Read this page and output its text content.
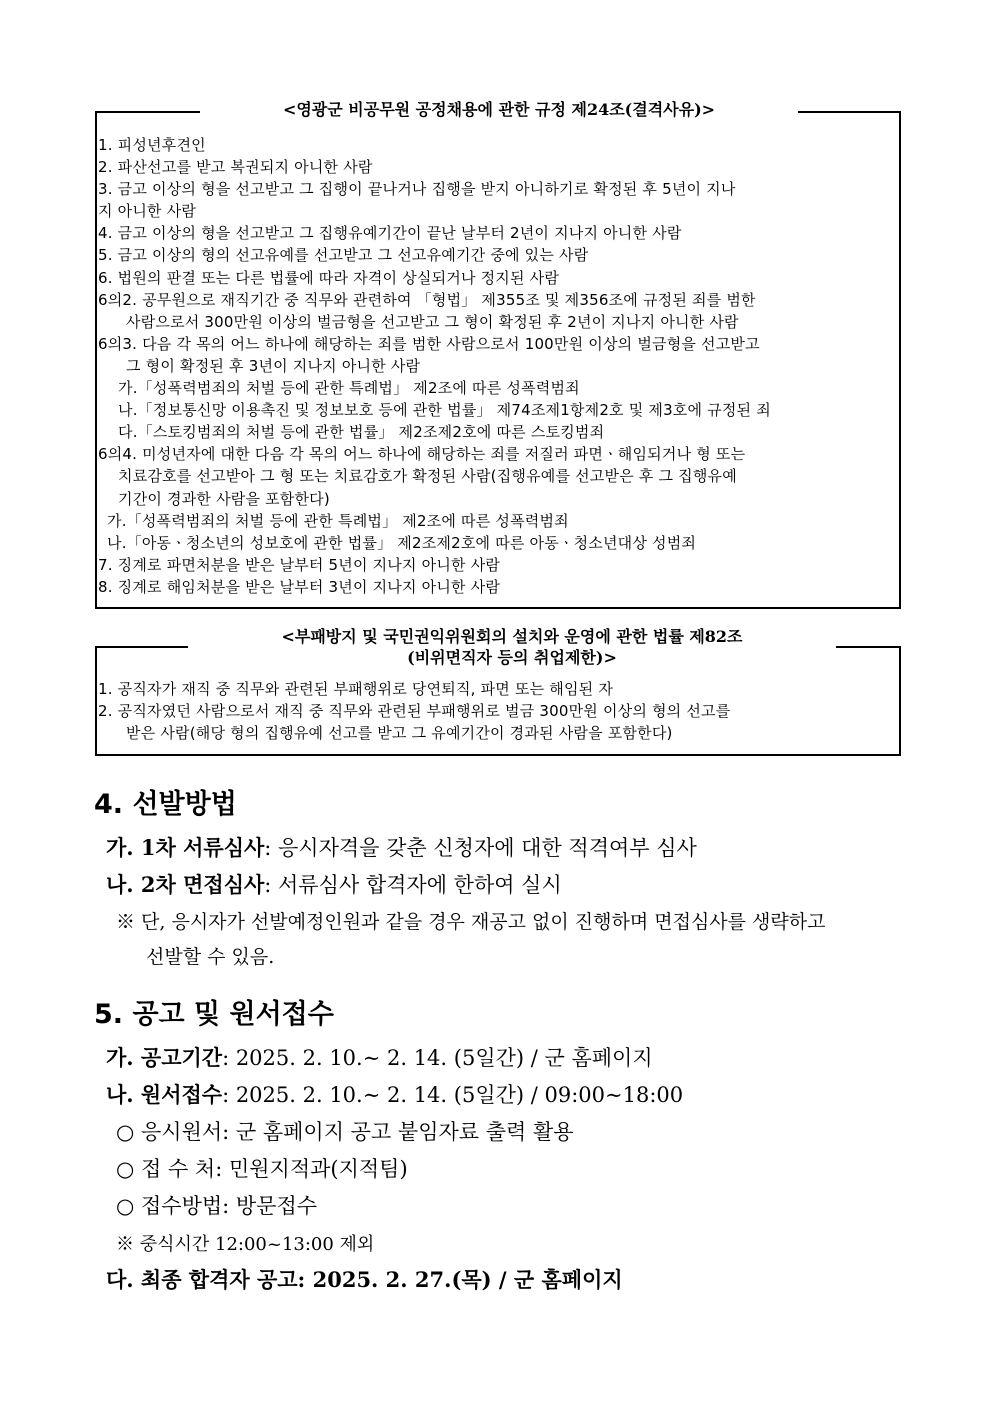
<영광군 비공무원 공정채용에 관한 규정 제24조(결격사유)>
1. 피성년후견인
2. 파산선고를 받고 복권되지 아니한 사람
3. 금고 이상의 형을 선고받고 그 집행이 끝나거나 집행을 받지 아니하기로 확정된 후 5년이 지나
지 아니한 사람
4. 금고 이상의 형을 선고받고 그 집행유예기간이 끝난 날부터 2년이 지나지 아니한 사람
5. 금고 이상의 형의 선고유예를 선고받고 그 선고유예기간 중에 있는 사람
6. 법원의 판결 또는 다른 법률에 따라 자격이 상실되거나 정지된 사람
6의2. 공무원으로 재직기간 중 직무와 관련하여 「형법」 제355조 및 제356조에 규정된 죄를 범한
사람으로서 300만원 이상의 벌금형을 선고받고 그 형이 확정된 후 2년이 지나지 아니한 사람
6의3. 다음 각 목의 어느 하나에 해당하는 죄를 범한 사람으로서 100만원 이상의 벌금형을 선고받고
그 형이 확정된 후 3년이 지나지 아니한 사람
가.「성폭력범죄의 처벌 등에 관한 특례법」 제2조에 따른 성폭력범죄
나.「정보통신망 이용촉진 및 정보보호 등에 관한 법률」 제74조제1항제2호 및 제3호에 규정된 죄
다.「스토킹범죄의 처벌 등에 관한 법률」 제2조제2호에 따른 스토킹범죄
6의4. 미성년자에 대한 다음 각 목의 어느 하나에 해당하는 죄를 저질러 파면ㆍ해임되거나 형 또는
치료감호를 선고받아 그 형 또는 치료감호가 확정된 사람(집행유예를 선고받은 후 그 집행유예
기간이 경과한 사람을 포함한다)
가.「성폭력범죄의 처벌 등에 관한 특례법」 제2조에 따른 성폭력범죄
나.「아동ㆍ청소년의 성보호에 관한 법률」 제2조제2호에 따른 아동ㆍ청소년대상 성범죄
7. 징계로 파면처분을 받은 날부터 5년이 지나지 아니한 사람
8. 징계로 해임처분을 받은 날부터 3년이 지나지 아니한 사람
<부패방지 및 국민권익위원회의 설치와 운영에 관한 법률 제82조
(비위면직자 등의 취업제한)>
1. 공직자가 재직 중 직무와 관련된 부패행위로 당연퇴직, 파면 또는 해임된 자
2. 공직자였던 사람으로서 재직 중 직무와 관련된 부패행위로 벌금 300만원 이상의 형의 선고를
받은 사람(해당 형의 집행유예 선고를 받고 그 유예기간이 경과된 사람을 포함한다)
4. 선발방법
가. 1차 서류심사: 응시자격을 갖춘 신청자에 대한 적격여부 심사
나. 2차 면접심사: 서류심사 합격자에 한하여 실시
※ 단, 응시자가 선발예정인원과 같을 경우 재공고 없이 진행하며 면접심사를 생략하고
선발할 수 있음.
5. 공고 및 원서접수
가. 공고기간: 2025. 2. 10.∼ 2. 14. (5일간) / 군 홈페이지
나. 원서접수: 2025. 2. 10.∼ 2. 14. (5일간) / 09:00∼18:00
○ 응시원서: 군 홈페이지 공고 붙임자료 출력 활용
○ 접 수 처: 민원지적과(지적팀)
○ 접수방법: 방문접수
※ 중식시간 12:00~13:00 제외
다. 최종 합격자 공고: 2025. 2. 27.(목) / 군 홈페이지
